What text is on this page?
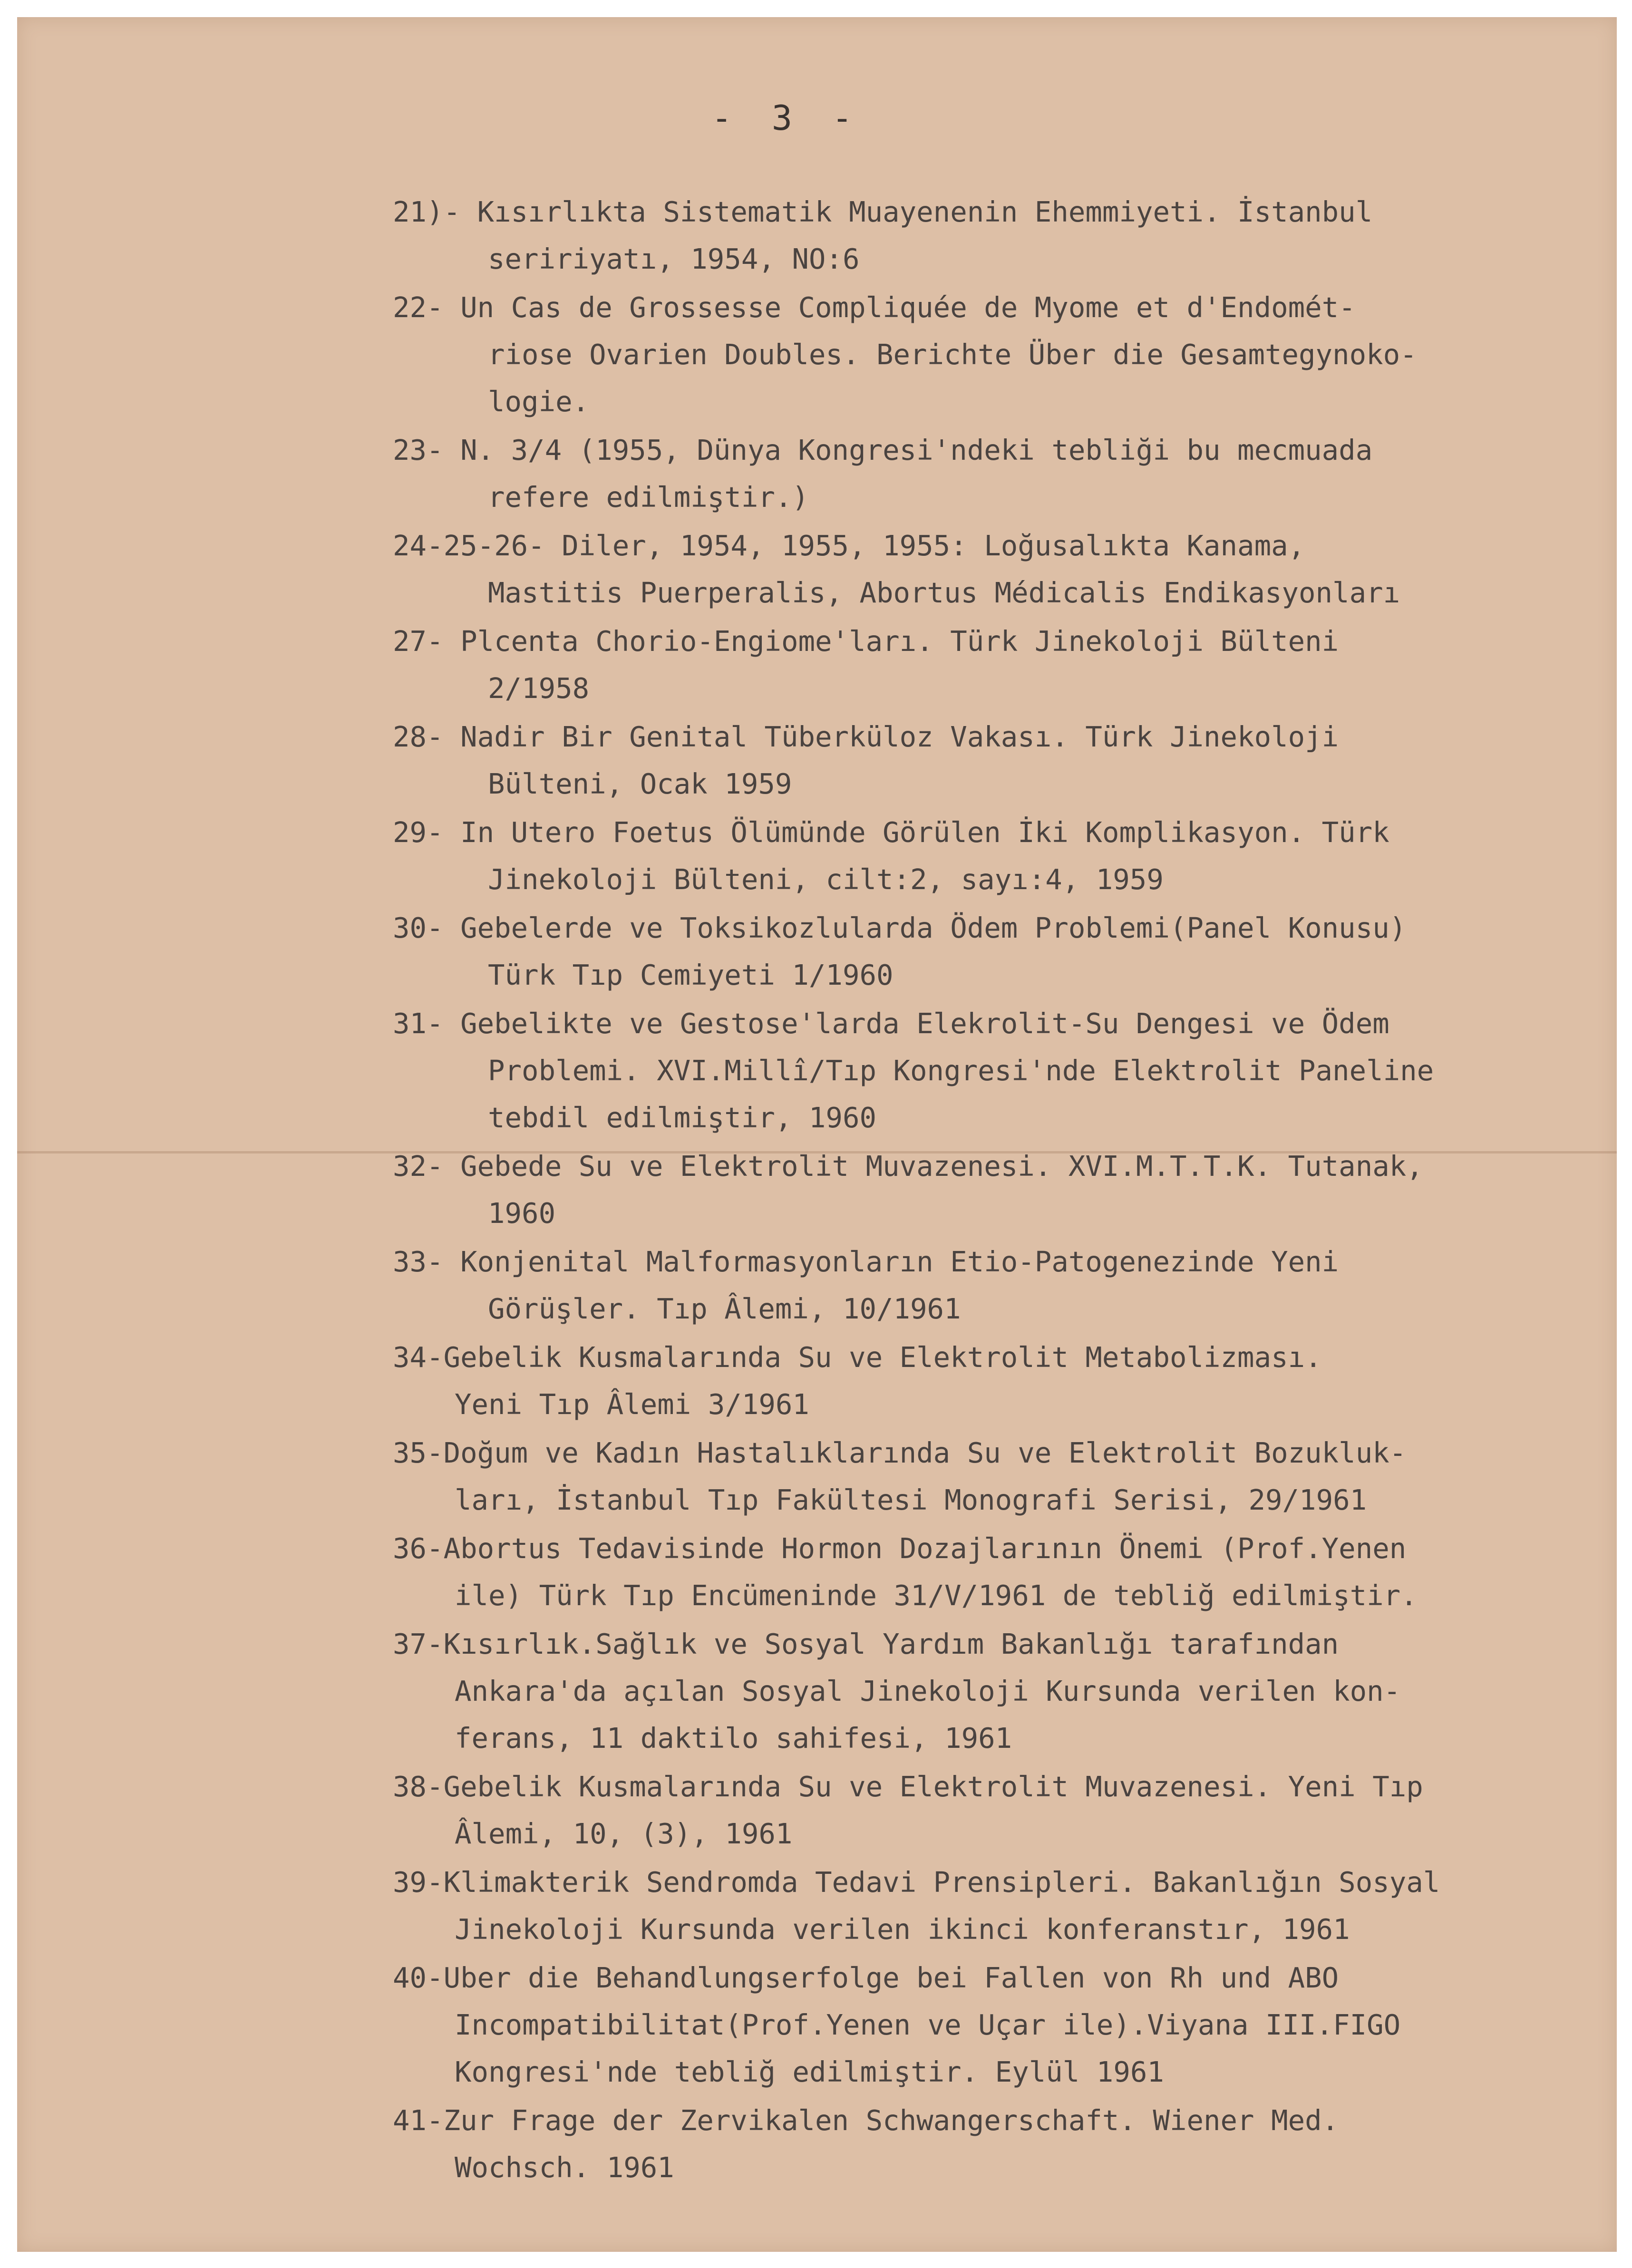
- 3 -
21)- Kısırlıkta Sistematik Muayenenin Ehemmiyeti. İstanbul
seririyatı, 1954, NO:6
22- Un Cas de Grossesse Compliquée de Myome et d'Endomét-
riose Ovarien Doubles. Berichte Über die Gesamtegynoko-
logie.
23- N. 3/4 (1955, Dünya Kongresi'ndeki tebliği bu mecmuada
refere edilmiştir.)
24-25-26- Diler, 1954, 1955, 1955: Loğusalıkta Kanama,
Mastitis Puerperalis, Abortus Médicalis Endikasyonları
27- Plcenta Chorio-Engiome'ları. Türk Jinekoloji Bülteni
2/1958
28- Nadir Bir Genital Tüberküloz Vakası. Türk Jinekoloji
Bülteni, Ocak 1959
29- In Utero Foetus Ölümünde Görülen İki Komplikasyon. Türk
Jinekoloji Bülteni, cilt:2, sayı:4, 1959
30- Gebelerde ve Toksikozlularda Ödem Problemi(Panel Konusu)
Türk Tıp Cemiyeti 1/1960
31- Gebelikte ve Gestose'larda Elekrolit-Su Dengesi ve Ödem
Problemi. XVI.Millî/Tıp Kongresi'nde Elektrolit Paneline
tebdil edilmiştir, 1960
32- Gebede Su ve Elektrolit Muvazenesi. XVI.M.T.T.K. Tutanak,
1960
33- Konjenital Malformasyonların Etio-Patogenezinde Yeni
Görüşler. Tıp Âlemi, 10/1961
34-Gebelik Kusmalarında Su ve Elektrolit Metabolizması.
Yeni Tıp Âlemi 3/1961
35-Doğum ve Kadın Hastalıklarında Su ve Elektrolit Bozukluk-
ları, İstanbul Tıp Fakültesi Monografi Serisi, 29/1961
36-Abortus Tedavisinde Hormon Dozajlarının Önemi (Prof.Yenen
ile) Türk Tıp Encümeninde 31/V/1961 de tebliğ edilmiştir.
37-Kısırlık.Sağlık ve Sosyal Yardım Bakanlığı tarafından
Ankara'da açılan Sosyal Jinekoloji Kursunda verilen kon-
ferans, 11 daktilo sahifesi, 1961
38-Gebelik Kusmalarında Su ve Elektrolit Muvazenesi. Yeni Tıp
Âlemi, 10, (3), 1961
39-Klimakterik Sendromda Tedavi Prensipleri. Bakanlığın Sosyal
Jinekoloji Kursunda verilen ikinci konferanstır, 1961
40-Uber die Behandlungserfolge bei Fallen von Rh und ABO
Incompatibilitat(Prof.Yenen ve Uçar ile).Viyana III.FIGO
Kongresi'nde tebliğ edilmiştir. Eylül 1961
41-Zur Frage der Zervikalen Schwangerschaft. Wiener Med.
Wochsch. 1961
